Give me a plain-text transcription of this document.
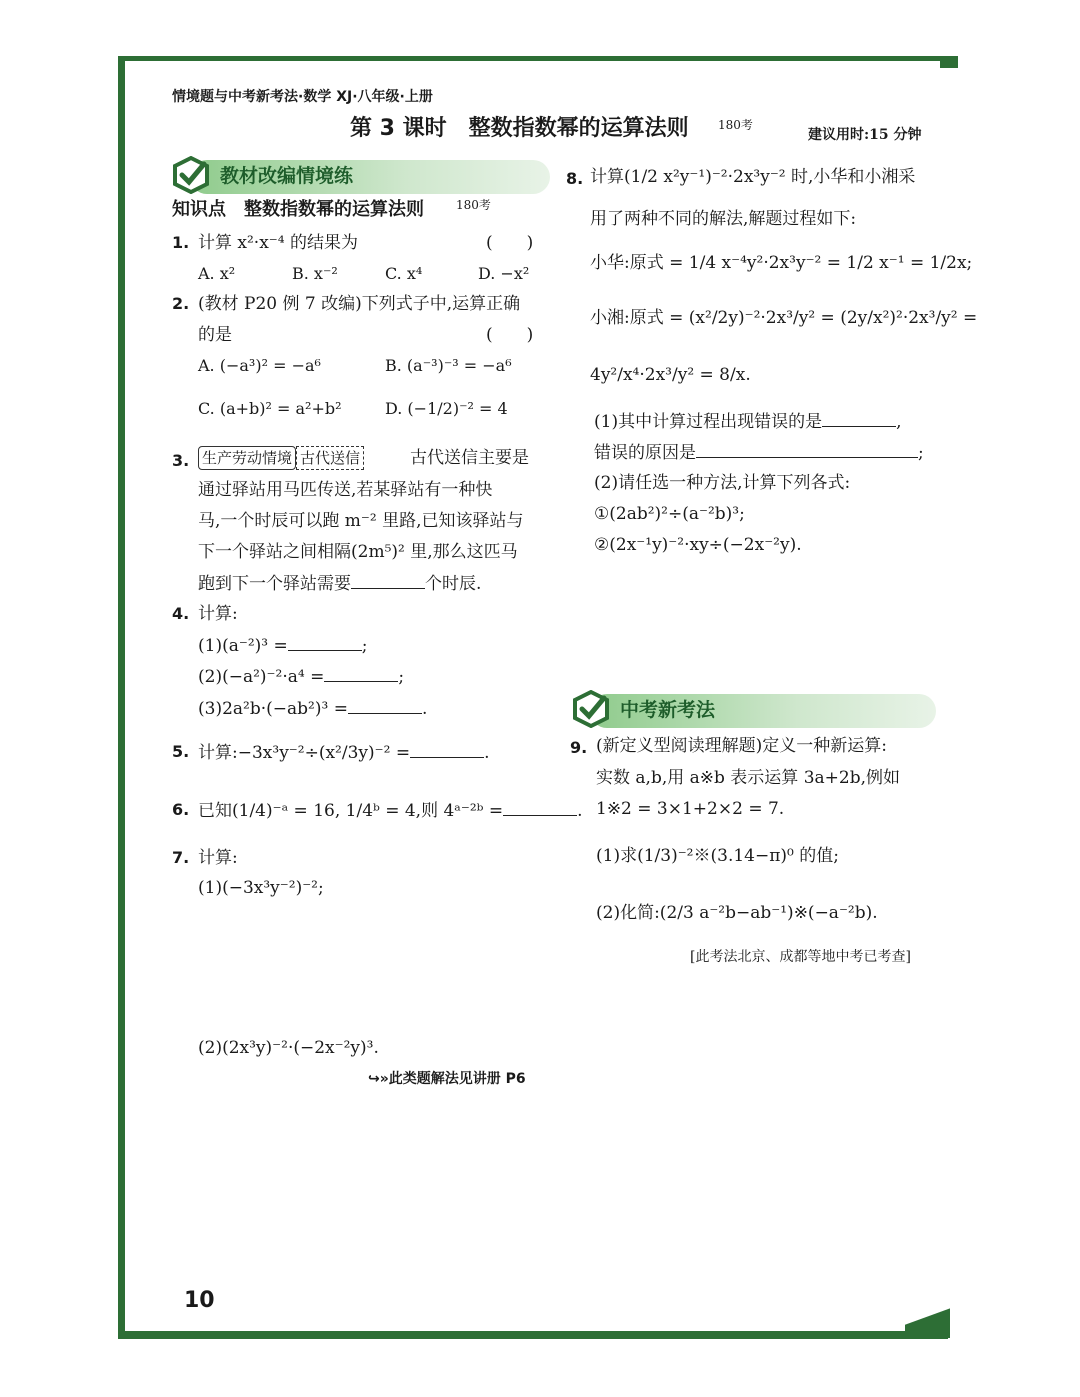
情境题与中考新考法·数学 XJ·八年级·上册
第 3 课时　整数指数幂的运算法则 180考
建议用时:15 分钟
教材改编情境练
知识点　整数指数幂的运算法则	180考
1. 计算 x²·x⁻⁴ 的结果为	(　　)
A. x²	B. x⁻²	C. x⁴	D. −x²
2. (教材 P20 例 7 改编)下列式子中,运算正确
的是	(　　)
A. (−a³)² = −a⁶	B. (a⁻³)⁻³ = −a⁶
C. (a+b)² = a²+b²	D. (−1/2)⁻² = 4
3. 生产劳动情境 古代送信	古代送信主要是
通过驿站用马匹传送,若某驿站有一种快
马,一个时辰可以跑 m⁻² 里路,已知该驿站与
下一个驿站之间相隔(2m⁵)² 里,那么这匹马
跑到下一个驿站需要	个时辰.
4. 计算:
(1)(a⁻²)³ =	;
(2)(−a²)⁻²·a⁴ =	;
(3)2a²b·(−ab²)³ =	.
5. 计算:−3x³y⁻²÷(x²/3y)⁻² =	.
6. 已知(1/4)⁻ᵃ = 16, 1/4ᵇ = 4,则 4ᵃ⁻²ᵇ =	.
7. 计算:
(1)(−3x³y⁻²)⁻²;
(2)(2x³y)⁻²·(−2x⁻²y)³.
↪»此类题解法见讲册 P6
8. 计算(1/2 x²y⁻¹)⁻²·2x³y⁻² 时,小华和小湘采
用了两种不同的解法,解题过程如下:
小华:原式 = 1/4 x⁻⁴y²·2x³y⁻² = 1/2 x⁻¹ = 1/2x;
小湘:原式 = (x²/2y)⁻²·2x³/y² = (2y/x²)²·2x³/y² =
4y²/x⁴·2x³/y² = 8/x.
(1)其中计算过程出现错误的是	,
错误的原因是	;
(2)请任选一种方法,计算下列各式:
①(2ab²)²÷(a⁻²b)³;
②(2x⁻¹y)⁻²·xy÷(−2x⁻²y).
中考新考法
9. (新定义型阅读理解题)定义一种新运算:
实数 a,b,用 a※b 表示运算 3a+2b,例如
1※2 = 3×1+2×2 = 7.
(1)求(1/3)⁻²※(3.14−π)⁰ 的值;
(2)化简:(2/3 a⁻²b−ab⁻¹)※(−a⁻²b).
[此考法北京、成都等地中考已考查]
10
